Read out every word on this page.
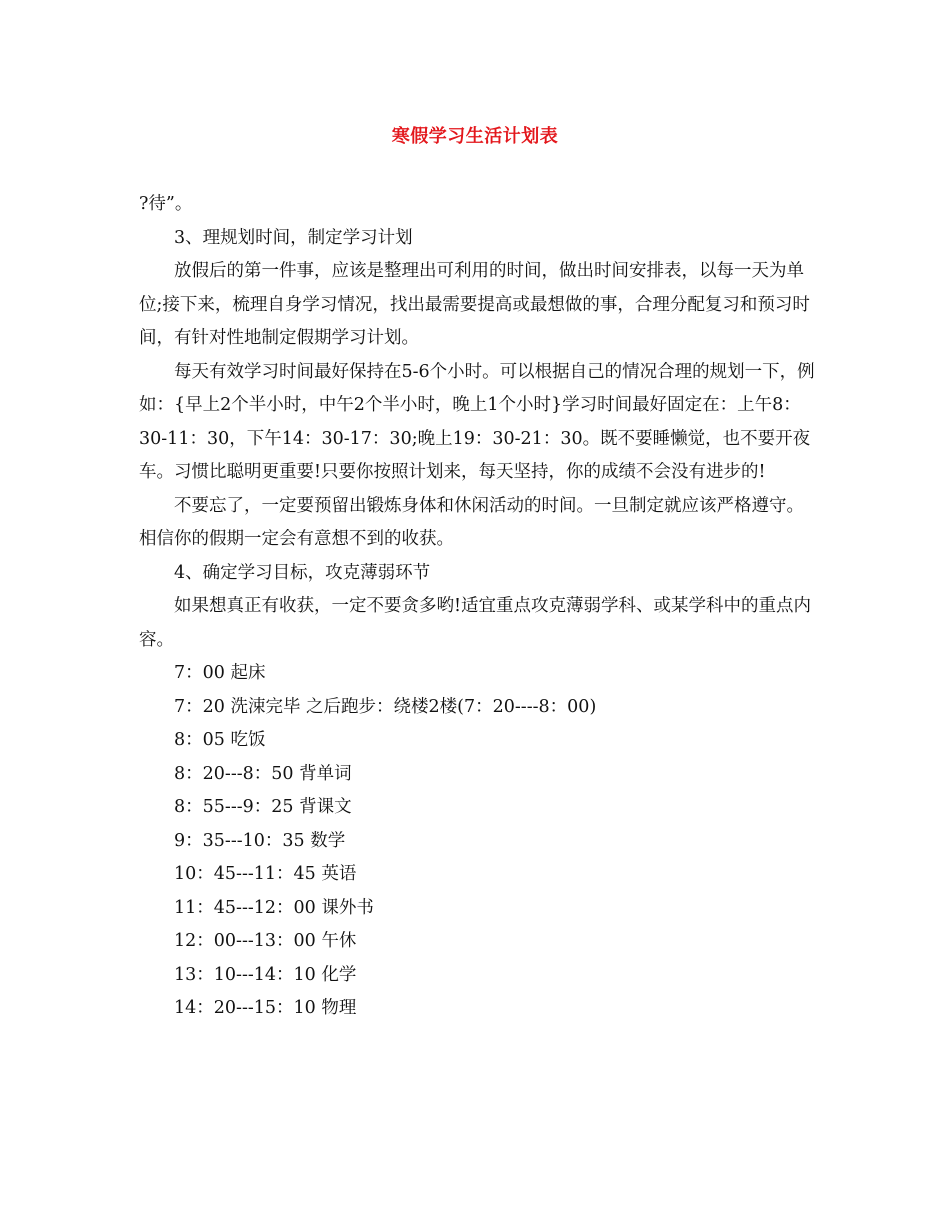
寒假学习生活计划表

?待”。

3、理规划时间，制定学习计划

放假后的第一件事，应该是整理出可利用的时间，做出时间安排表，以每一天为单位;接下来，梳理自身学习情况，找出最需要提高或最想做的事，合理分配复习和预习时间，有针对性地制定假期学习计划。

每天有效学习时间最好保持在5-6个小时。可以根据自己的情况合理的规划一下，例如：{早上2个半小时，中午2个半小时，晚上1个小时}学习时间最好固定在：上午8：30-11：30，下午14：30-17：30;晚上19：30-21：30。既不要睡懒觉，也不要开夜车。习惯比聪明更重要!只要你按照计划来，每天坚持，你的成绩不会没有进步的!

不要忘了，一定要预留出锻炼身体和休闲活动的时间。一旦制定就应该严格遵守。相信你的假期一定会有意想不到的收获。

4、确定学习目标，攻克薄弱环节

如果想真正有收获，一定不要贪多哟!适宜重点攻克薄弱学科、或某学科中的重点内容。

7：00 起床

7：20 洗涑完毕 之后跑步：绕楼2楼(7：20----8：00)

8：05 吃饭

8：20---8：50 背单词

8：55---9：25 背课文

9：35---10：35 数学

10：45---11：45 英语

11：45---12：00 课外书

12：00---13：00 午休

13：10---14：10 化学

14：20---15：10 物理
